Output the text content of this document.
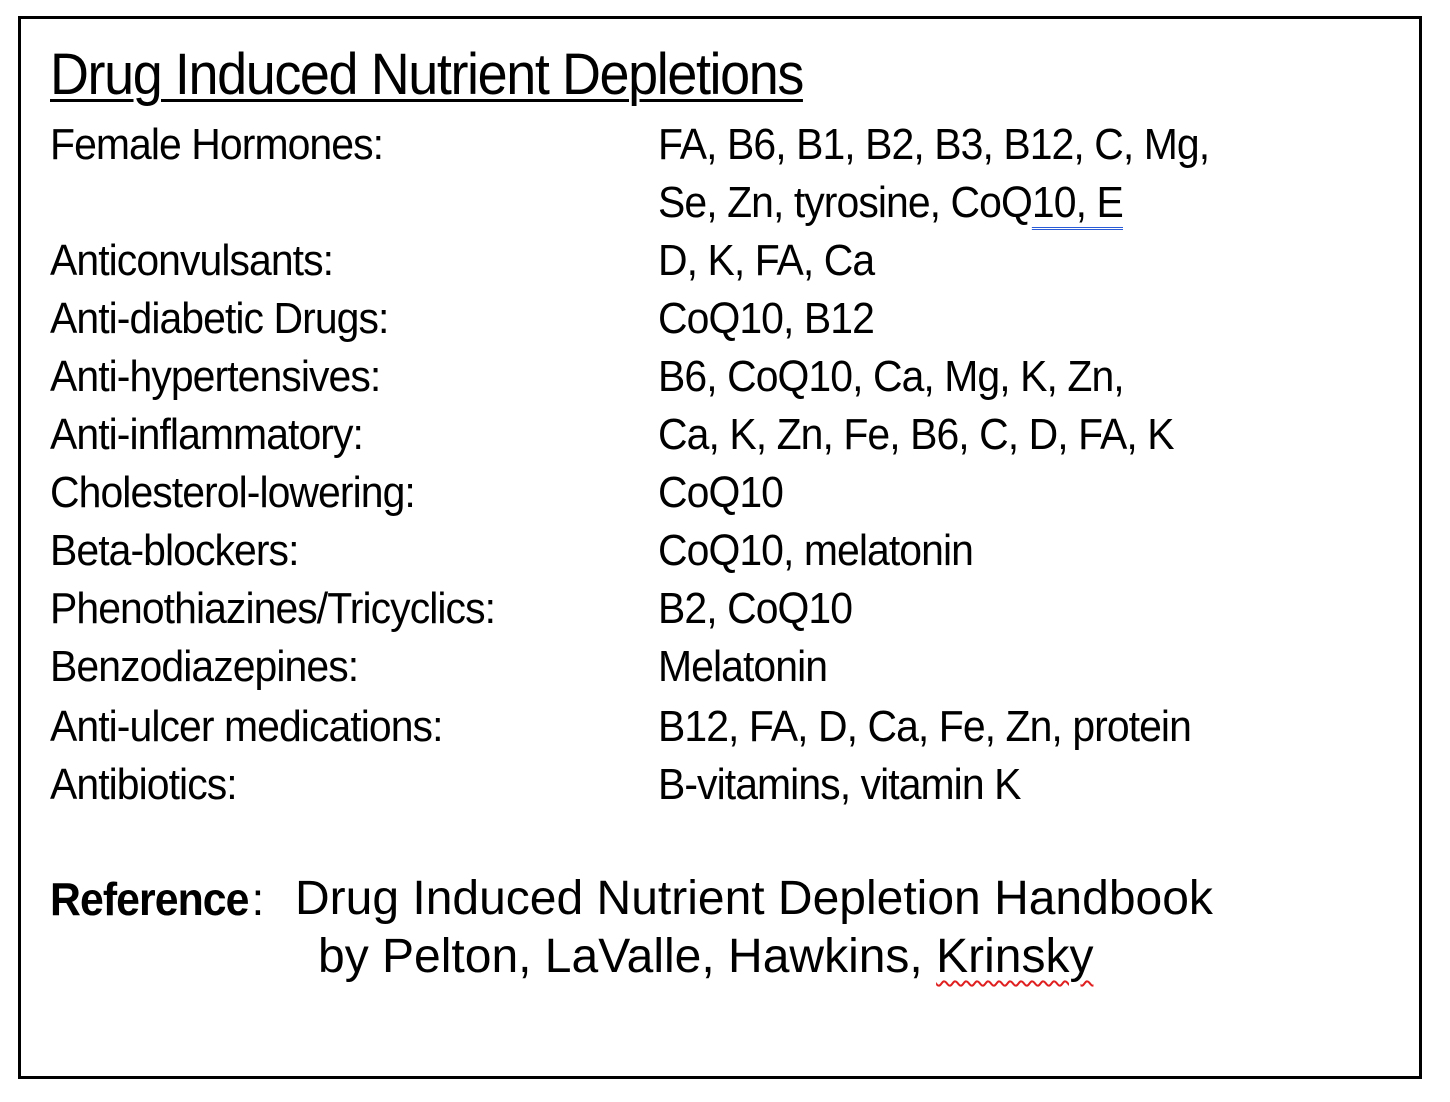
Drug Induced Nutrient Depletions
Female Hormones:	FA, B6, B1, B2, B3, B12, C, Mg,
Se, Zn, tyrosine, CoQ10, E
Anticonvulsants:	D, K, FA, Ca
Anti-diabetic Drugs:	CoQ10, B12
Anti-hypertensives:	B6, CoQ10, Ca, Mg, K, Zn,
Anti-inflammatory:	Ca, K, Zn, Fe, B6, C, D, FA, K
Cholesterol-lowering:	CoQ10
Beta-blockers:	CoQ10, melatonin
Phenothiazines/Tricyclics:	B2, CoQ10
Benzodiazepines:	Melatonin
Anti-ulcer medications:	B12, FA, D, Ca, Fe, Zn, protein
Antibiotics:	B-vitamins, vitamin K
Reference: Drug Induced Nutrient Depletion Handbook
by Pelton, LaValle, Hawkins, Krinsky
